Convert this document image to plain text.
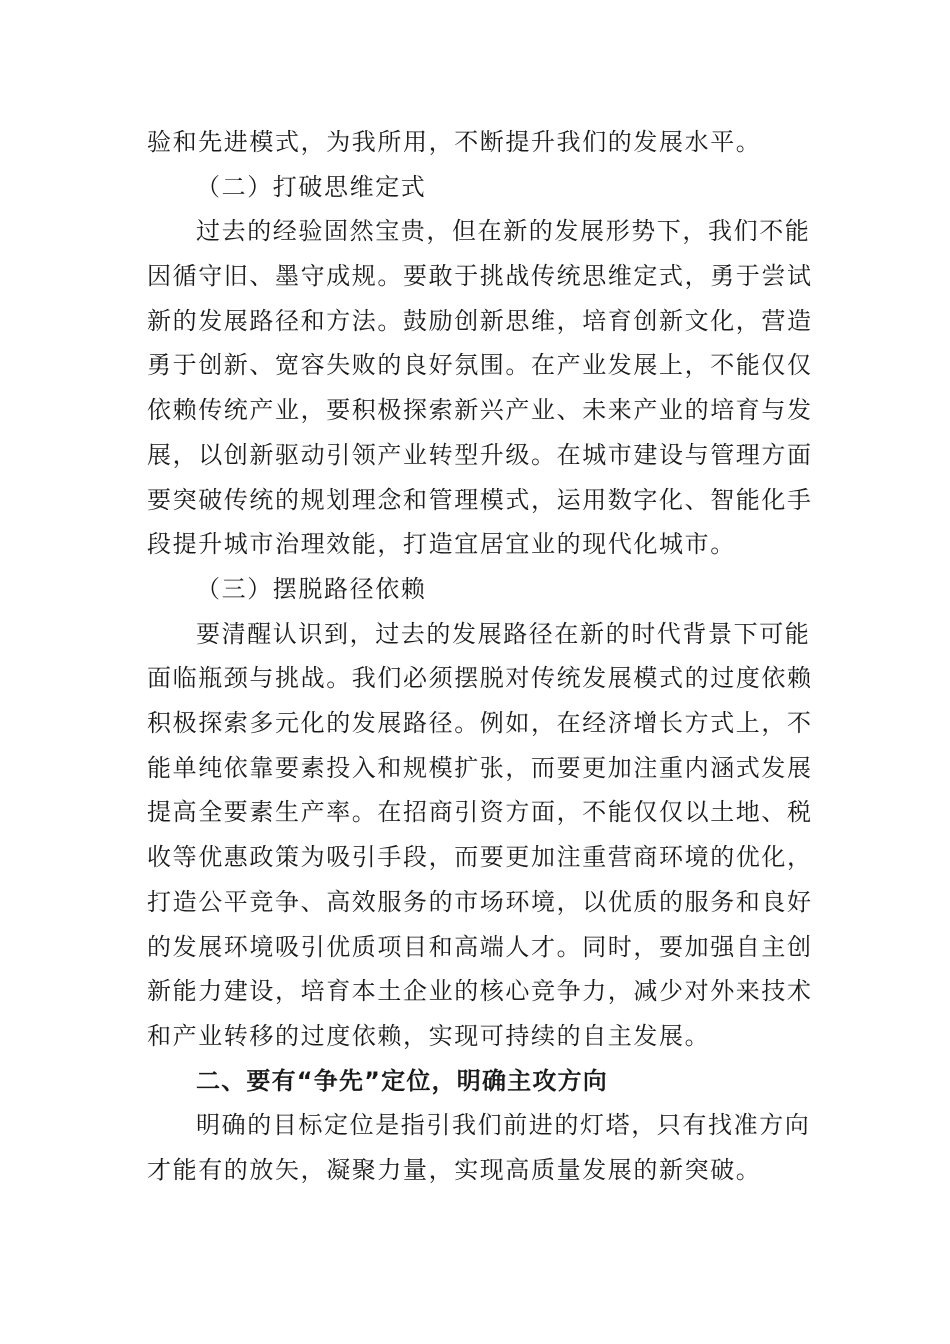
验和先进模式，为我所用，不断提升我们的发展水平。
（二）打破思维定式
过去的经验固然宝贵，但在新的发展形势下，我们不能
因循守旧、墨守成规。要敢于挑战传统思维定式，勇于尝试
新的发展路径和方法。鼓励创新思维，培育创新文化，营造
勇于创新、宽容失败的良好氛围。在产业发展上，不能仅仅
依赖传统产业，要积极探索新兴产业、未来产业的培育与发
展，以创新驱动引领产业转型升级。在城市建设与管理方面
要突破传统的规划理念和管理模式，运用数字化、智能化手
段提升城市治理效能，打造宜居宜业的现代化城市。
（三）摆脱路径依赖
要清醒认识到，过去的发展路径在新的时代背景下可能
面临瓶颈与挑战。我们必须摆脱对传统发展模式的过度依赖
积极探索多元化的发展路径。例如，在经济增长方式上，不
能单纯依靠要素投入和规模扩张，而要更加注重内涵式发展
提高全要素生产率。在招商引资方面，不能仅仅以土地、税
收等优惠政策为吸引手段，而要更加注重营商环境的优化，
打造公平竞争、高效服务的市场环境，以优质的服务和良好
的发展环境吸引优质项目和高端人才。同时，要加强自主创
新能力建设，培育本土企业的核心竞争力，减少对外来技术
和产业转移的过度依赖，实现可持续的自主发展。
二、要有“争先”定位，明确主攻方向
明确的目标定位是指引我们前进的灯塔，只有找准方向
才能有的放矢，凝聚力量，实现高质量发展的新突破。
